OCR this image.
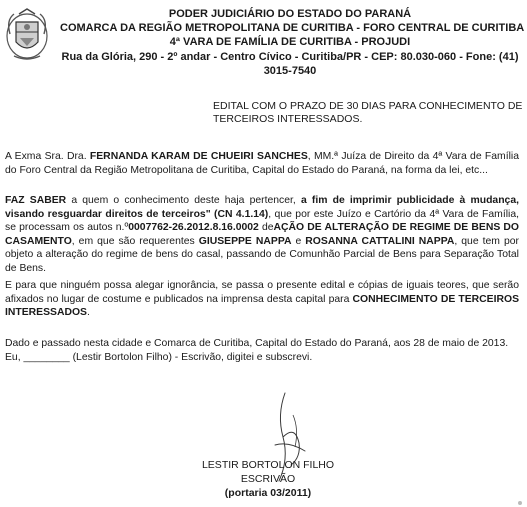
PODER JUDICIÁRIO DO ESTADO DO PARANÁ
COMARCA DA REGIÃO METROPOLITANA DE CURITIBA - FORO CENTRAL DE CURITIBA
4ª VARA DE FAMÍLIA DE CURITIBA - PROJUDI
Rua da Glória, 290 - 2º andar - Centro Cívico - Curitiba/PR - CEP: 80.030-060 - Fone: (41) 3015-7540
EDITAL COM O PRAZO DE 30 DIAS PARA CONHECIMENTO DE
TERCEIROS INTERESSADOS.

A Exma Sra. Dra. FERNANDA KARAM DE CHUEIRI SANCHES, MM.ª Juíza de Direito da 4ª Vara de Família do Foro Central da Região Metropolitana de Curitiba, Capital do Estado do Paraná, na forma da lei, etc...

FAZ SABER a quem o conhecimento deste haja pertencer, a fim de imprimir publicidade à mudança, visando resguardar direitos de terceiros" (CN 4.1.14), que por este Juízo e Cartório da 4ª Vara de Família, se processam os autos n.º0007762-26.2012.8.16.0002 deAÇÃO DE ALTERAÇÃO DE REGIME DE BENS DO CASAMENTO, em que são requerentes GIUSEPPE NAPPA e ROSANNA CATTALINI NAPPA, que tem por objeto a alteração do regime de bens do casal, passando de Comunhão Parcial de Bens para Separação Total de Bens.

E para que ninguém possa alegar ignorância, se passa o presente edital e cópias de iguais teores, que serão afixados no lugar de costume e publicados na imprensa desta capital para CONHECIMENTO DE TERCEIROS INTERESSADOS.

Dado e passado nesta cidade e Comarca de Curitiba, Capital do Estado do Paraná, aos 28 de maio de 2013.
Eu, ________ (Lestir Bortolon Filho) - Escrivão, digitei e subscrevi.

LESTIR BORTOLON FILHO
ESCRIVÃO
(portaria 03/2011)
